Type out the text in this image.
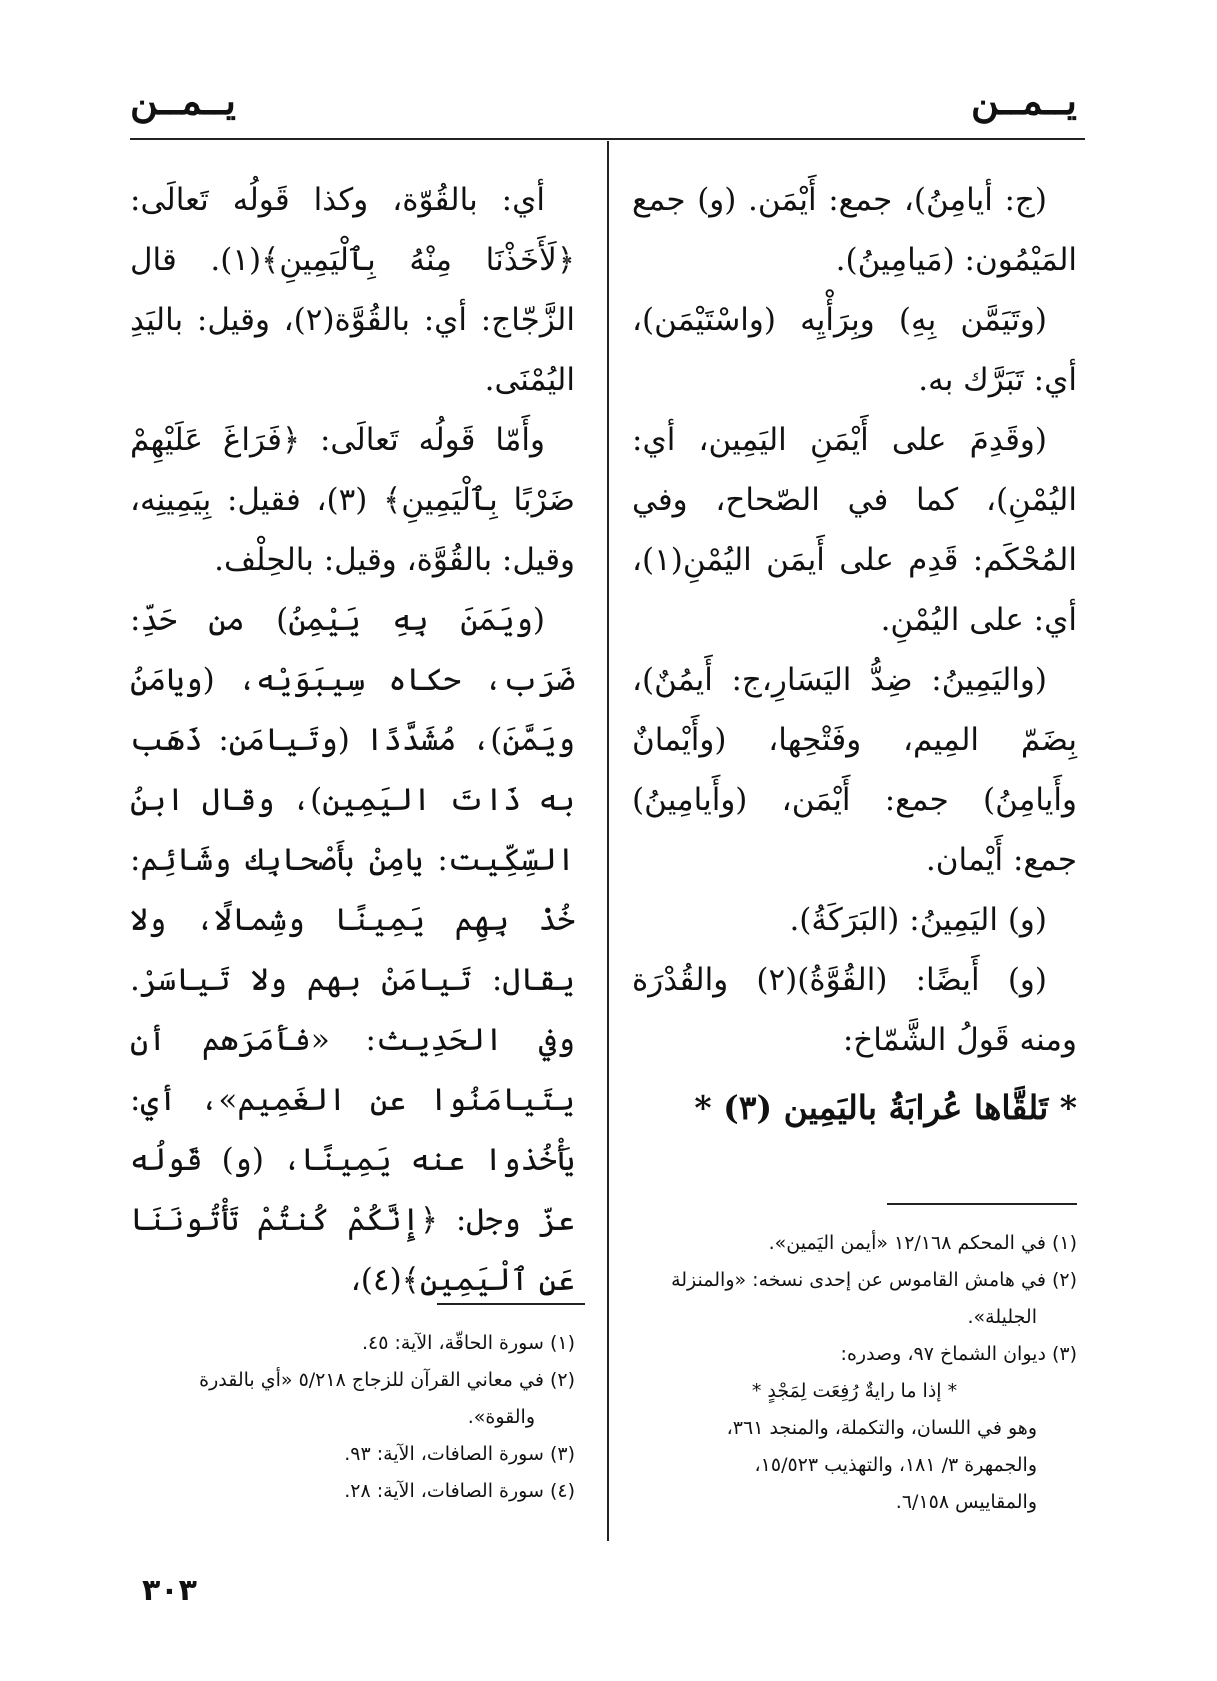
يــمــن
يــمــن

(ج: أيامِنُ)، جمع: أَيْمَن. (و) جمع المَيْمُون: (مَيامِينُ).

(وتَيَمَّن بِهِ) وبِرَأْيِه (واسْتَيْمَن)، أي: تَبَرَّك به.

(وقَدِمَ على أَيْمَنِ اليَمِين، أي: اليُمْنِ)، كما في الصّحاح، وفي المُحْكَم: قَدِم على أَيمَن اليُمْنِ(١)، أي: على اليُمْنِ.

(واليَمِينُ: ضِدُّ اليَسَارِ،ج: أَيمُنٌ)، بِضَمّ المِيم، وفَتْحِها، (وأَيْمانٌ وأَيامِنُ) جمع: أَيْمَن، (وأَيامِينُ) جمع: أَيْمان.

(و) اليَمِينُ: (البَرَكَةُ).

(و) أَيضًا: (القُوَّةُ)(٢) والقُدْرَة ومنه قَولُ الشَّمّاخ:

* تَلقَّاها عُرابَةُ باليَمِين (٣) *

(١) في المحكم ١٢/١٦٨ «أيمن اليَمين».

(٢) في هامش القاموس عن إحدى نسخه: «والمنزلة

الجليلة».

(٣) ديوان الشماخ ٩٧، وصدره:

* إذا ما رايةٌ رُفِعَت لِمَجْدٍ *

وهو في اللسان، والتكملة، والمنجد ٣٦١،

والجمهرة ٣/ ١٨١، والتهذيب ١٥/٥٢٣،

والمقاييس ٦/١٥٨.

أي: بالقُوّة، وكذا قَولُه تَعالَى: ﴿لَأَخَذْنَا مِنْهُ بِٱلْيَمِينِ﴾(١). قال الزَّجّاج: أي: بالقُوَّة(٢)، وقيل: باليَدِ اليُمْنَى.

وأَمّا قَولُه تَعالَى: ﴿فَرَاغَ عَلَيْهِمْ ضَرْبًا بِٱلْيَمِينِ﴾ (٣)، فقيل: بِيَمِينِه، وقيل: بالقُوَّة، وقيل: بالحِلْف.

(ويَمَنَ بِهِ يَيْمِنُ) من حَدِّ: ضَرَب، حكاه سِيبَوَيْه، (ويامَنُ ويَمَّنَ)، مُشَدَّدًا (وتَيامَن: ذَهَب به ذَاتَ اليَمِين)، وقال ابنُ السِّكِّيت: يامِنْ بأَصْحابِك وشَائِم: خُذْ بِهِم يَمِينًا وشِمالًا، ولا يقال: تَيامَنْ بهم ولا تَياسَرْ. وفي الحَدِيث: «فأَمَرَهم أن يتَيامَنُوا عن الغَمِيم»، أي: يَأْخُذوا عنه يَمِينًا، (و) قَولُه عزّ وجل: ﴿إِنَّكُمْ كُنتُمْ تَأْتُونَنَا عَنِ ٱلْيَمِينِ﴾(٤)،

(١) سورة الحاقّة، الآية: ٤٥.

(٢) في معاني القرآن للزجاج ٥/٢١٨ «أي بالقدرة

والقوة».

(٣) سورة الصافات، الآية: ٩٣.

(٤) سورة الصافات، الآية: ٢٨.

٣٠٣
